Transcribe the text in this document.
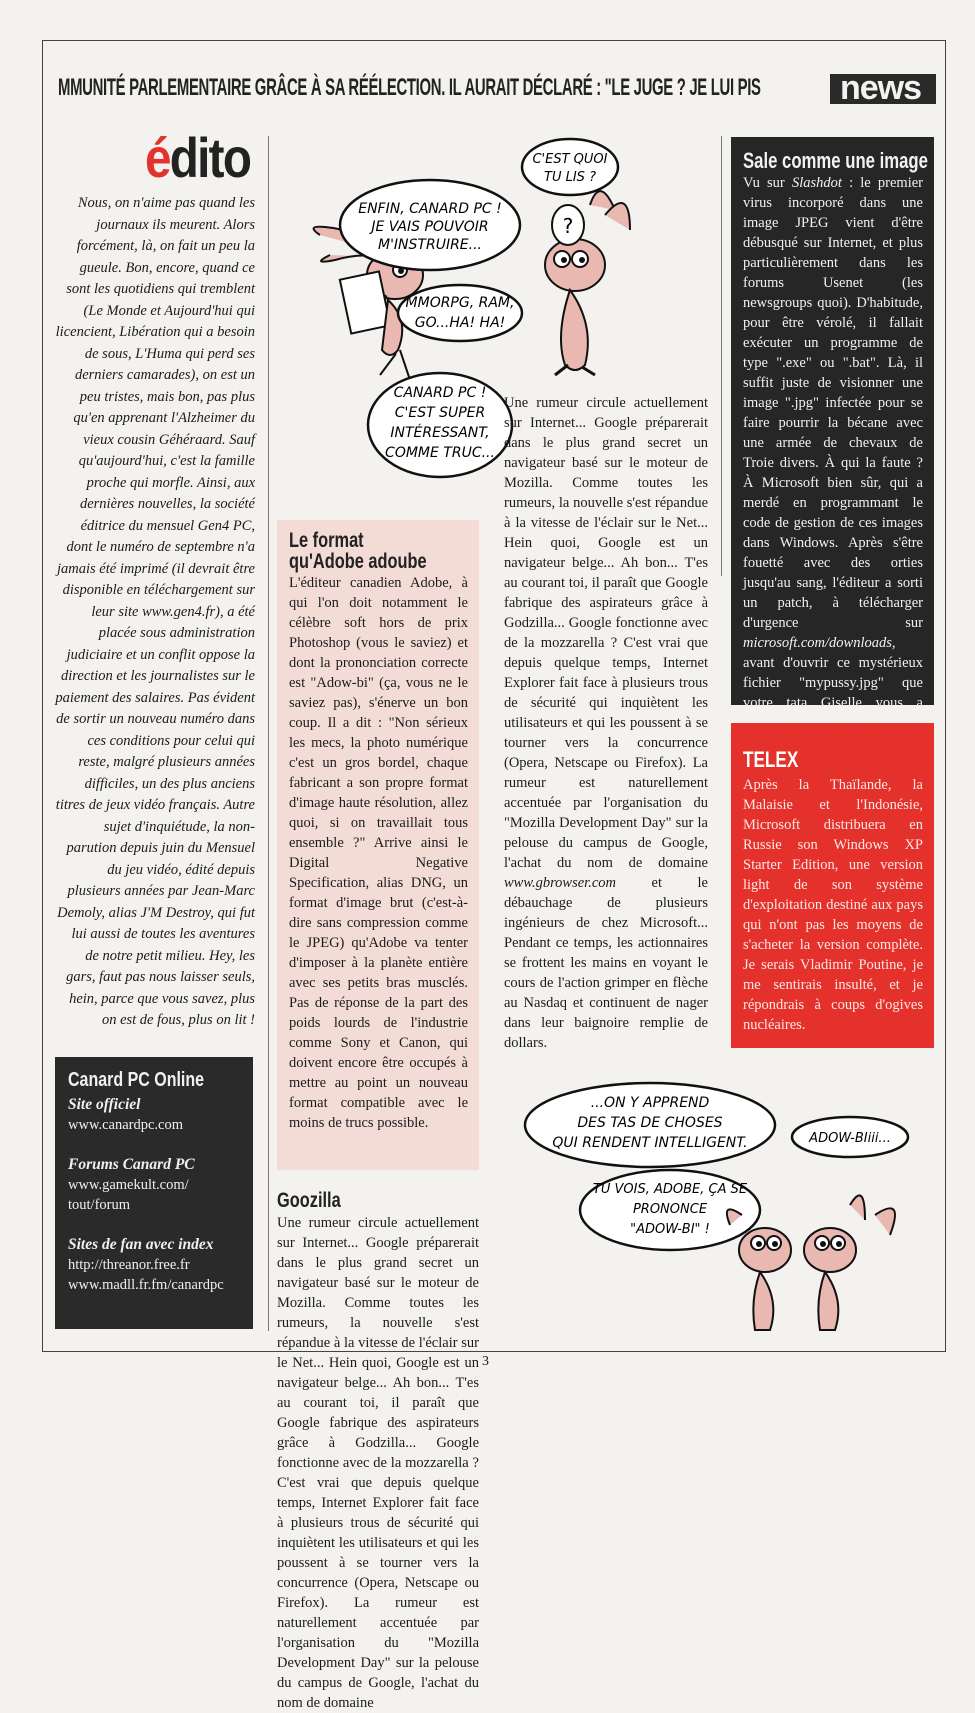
MMUNITÉ PARLEMENTAIRE GRÂCE À SA RÉÉLECTION. IL AURAIT DÉCLARÉ : "LE JUGE ? JE LUI PIS news
édito
Nous, on n'aime pas quand les journaux ils meurent. Alors forcément, là, on fait un peu la gueule. Bon, encore, quand ce sont les quotidiens qui tremblent (Le Monde et Aujourd'hui qui licencient, Libération qui a besoin de sous, L'Huma qui perd ses derniers camarades), on est un peu tristes, mais bon, pas plus qu'en apprenant l'Alzheimer du vieux cousin Géhéraard. Sauf qu'aujourd'hui, c'est la famille proche qui morfle. Ainsi, aux dernières nouvelles, la société éditrice du mensuel Gen4 PC, dont le numéro de septembre n'a jamais été imprimé (il devrait être disponible en téléchargement sur leur site www.gen4.fr), a été placée sous administration judiciaire et un conflit oppose la direction et les journalistes sur le paiement des salaires. Pas évident de sortir un nouveau numéro dans ces conditions pour celui qui reste, malgré plusieurs années difficiles, un des plus anciens titres de jeux vidéo français. Autre sujet d'inquiétude, la non-parution depuis juin du Mensuel du jeu vidéo, édité depuis plusieurs années par Jean-Marc Demoly, alias J'M Destroy, qui fut lui aussi de toutes les aventures de notre petit milieu. Hey, les gars, faut pas nous laisser seuls, hein, parce que vous savez, plus on est de fous, plus on lit !
Canard PC Online
Site officiel
www.canardpc.com
Forums Canard PC
www.gamekult.com/
tout/forum
Sites de fan avec index
http://threanor.free.fr
www.madll.fr.fm/canardpc
ENFIN, CANARD PC !
JE VAIS POUVOIR
M'INSTRUIRE...
C'EST QUOI
TU LIS ?
?
MMORPG, RAM,
GO...HA! HA!
CANARD PC !
C'EST SUPER
INTÉRESSANT,
COMME TRUC...
Le format
qu'Adobe adoube
L'éditeur canadien Adobe, à qui l'on doit notamment le célèbre soft hors de prix Photoshop (vous le saviez) et dont la prononciation correcte est "Adow-bi" (ça, vous ne le saviez pas), s'énerve un bon coup. Il a dit : "Non sérieux les mecs, la photo numérique c'est un gros bordel, chaque fabricant a son propre format d'image haute résolution, allez quoi, si on travaillait tous ensemble ?" Arrive ainsi le Digital Negative Specification, alias DNG, un format d'image brut (c'est-à-dire sans compression comme le JPEG) qu'Adobe va tenter d'imposer à la planète entière avec ses petits bras musclés. Pas de réponse de la part des poids lourds de l'industrie comme Sony et Canon, qui doivent encore être occupés à mettre au point un nouveau format compatible avec le moins de trucs possible.
Goozilla
Une rumeur circule actuellement sur Internet... Google préparerait dans le plus grand secret un navigateur basé sur le moteur de Mozilla. Comme toutes les rumeurs, la nouvelle s'est répandue à la vitesse de l'éclair sur le Net... Hein quoi, Google est un navigateur belge... Ah bon... T'es au courant toi, il paraît que Google fabrique des aspirateurs grâce à Godzilla... Google fonctionne avec de la mozzarella ? C'est vrai que depuis quelque temps, Internet Explorer fait face à plusieurs trous de sécurité qui inquiètent les utilisateurs et qui les poussent à se tourner vers la concurrence (Opera, Netscape ou Firefox). La rumeur est naturellement accentuée par l'organisation du "Mozilla Development Day" sur la pelouse du campus de Google, l'achat du nom de domaine
Une rumeur circule actuellement sur Internet... Google préparerait dans le plus grand secret un navigateur basé sur le moteur de Mozilla. Comme toutes les rumeurs, la nouvelle s'est répandue à la vitesse de l'éclair sur le Net... Hein quoi, Google est un navigateur belge... Ah bon... T'es au courant toi, il paraît que Google fabrique des aspirateurs grâce à Godzilla... Google fonctionne avec de la mozzarella ? C'est vrai que depuis quelque temps, Internet Explorer fait face à plusieurs trous de sécurité qui inquiètent les utilisateurs et qui les poussent à se tourner vers la concurrence (Opera, Netscape ou Firefox). La rumeur est naturellement accentuée par l'organisation du "Mozilla Development Day" sur la pelouse du campus de Google, l'achat du nom de domaine www.gbrowser.com et le débauchage de plusieurs ingénieurs de chez Microsoft... Pendant ce temps, les actionnaires se frottent les mains en voyant le cours de l'action grimper en flèche au Nasdaq et continuent de nager dans leur baignoire remplie de dollars.
Sale comme une image
Vu sur Slashdot : le premier virus incorporé dans une image JPEG vient d'être débusqué sur Internet, et plus particulièrement dans les forums Usenet (les newsgroups quoi). D'habitude, pour être vérolé, il fallait exécuter un programme de type ".exe" ou ".bat". Là, il suffit juste de visionner une image ".jpg" infectée pour se faire pourrir la bécane avec une armée de chevaux de Troie divers. À qui la faute ? À Microsoft bien sûr, qui a merdé en programmant le code de gestion de ces images dans Windows. Après s'être fouetté avec des orties jusqu'au sang, l'éditeur a sorti un patch, à télécharger d'urgence sur microsoft.com/downloads, avant d'ouvrir ce mystérieux fichier "mypussy.jpg" que votre tata Giselle vous a
TELEX
Après la Thaïlande, la Malaisie et l'Indonésie, Microsoft distribuera en Russie son Windows XP Starter Edition, une version light de son système d'exploitation destiné aux pays qui n'ont pas les moyens de s'acheter la version complète. Je serais Vladimir Poutine, je me sentirais insulté, et je répondrais à coups d'ogives nucléaires.
...ON Y APPREND
DES TAS DE CHOSES
QUI RENDENT INTELLIGENT.	ADOW-BIiii...
TU VOIS, ADOBE, ÇA SE
PRONONCE
"ADOW-BI" !
3
